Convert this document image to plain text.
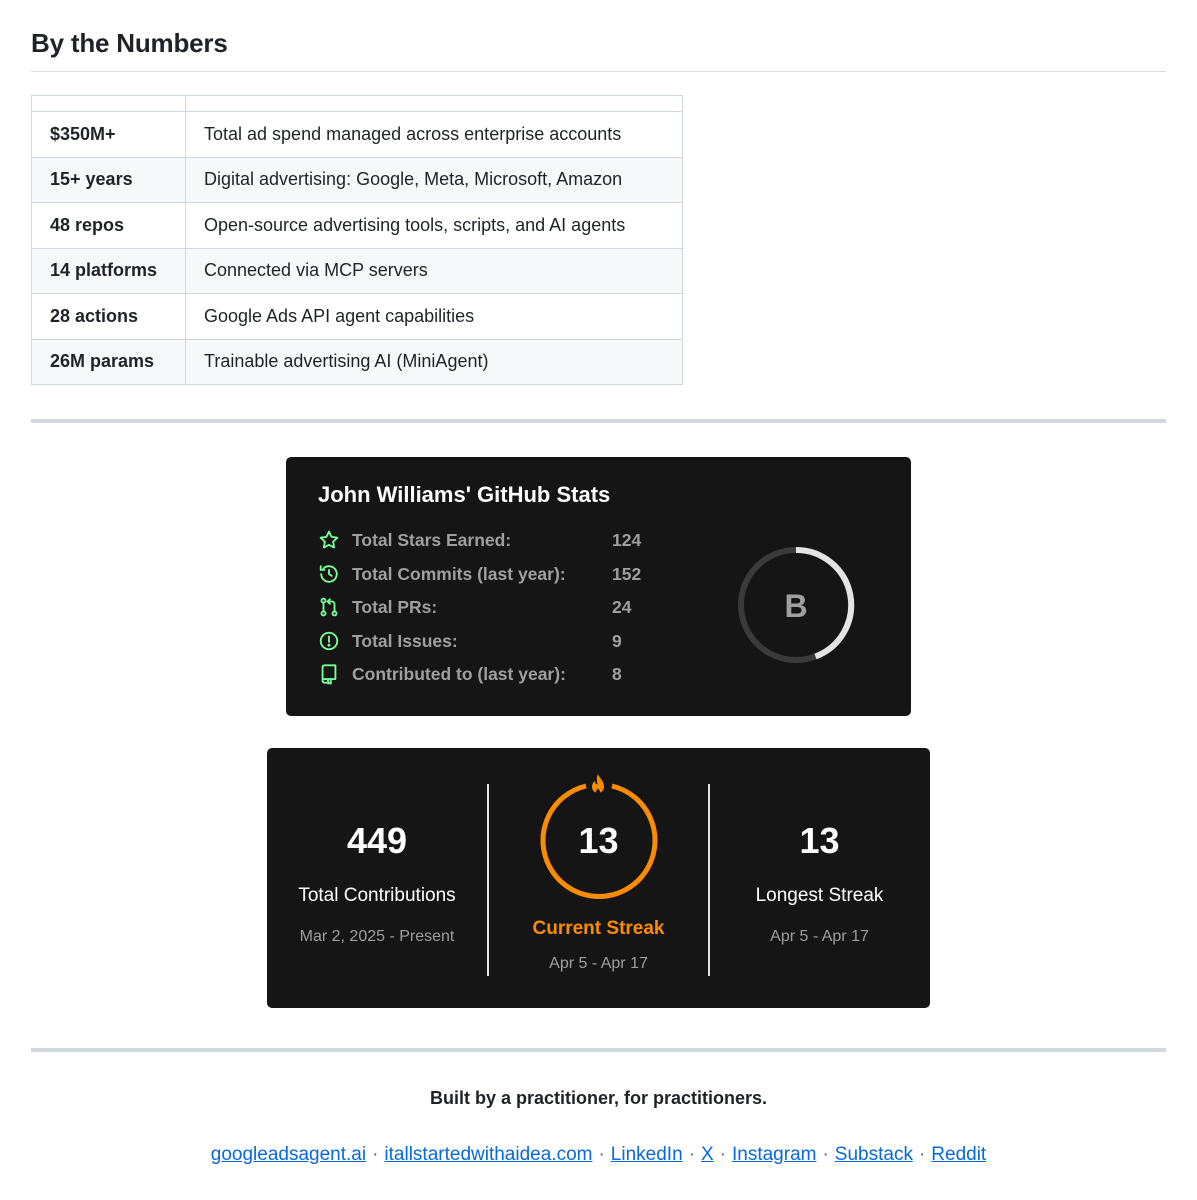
By the Numbers

$350M+	Total ad spend managed across enterprise accounts
15+ years	Digital advertising: Google, Meta, Microsoft, Amazon
48 repos	Open-source advertising tools, scripts, and AI agents
14 platforms	Connected via MCP servers
28 actions	Google Ads API agent capabilities
26M params	Trainable advertising AI (MiniAgent)
John Williams' GitHub Stats
Total Stars Earned:	124
Total Commits (last year):	152
Total PRs:	24
Total Issues:	9
Contributed to (last year):	8
B
449
Total Contributions
Mar 2, 2025 - Present
13
Current Streak
Apr 5 - Apr 17
13
Longest Streak
Apr 5 - Apr 17
Built by a practitioner, for practitioners.
googleadsagent.ai · itallstartedwithaidea.com · LinkedIn · X · Instagram · Substack · Reddit
